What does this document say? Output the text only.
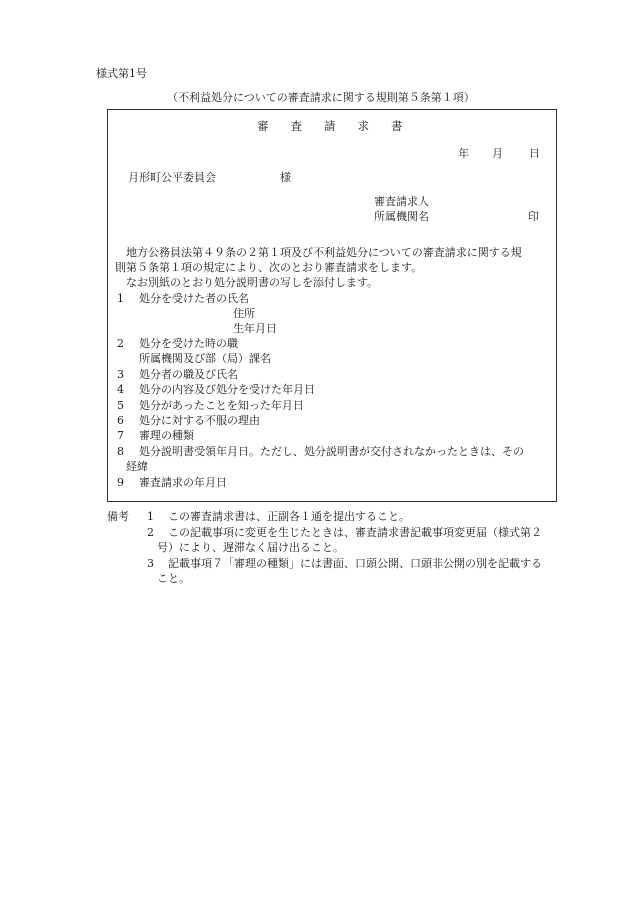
様式第1号
（不利益処分についての審査請求に関する規則第５条第１項）
審 査 請 求 書
年 月 日
月形町公平委員会	様
審査請求人
所属機関名	印
　地方公務員法第４９条の２第１項及び不利益処分についての審査請求に関する規
則第５条第１項の規定により、次のとおり審査請求をします。
　なお別紙のとおり処分説明書の写しを添付します。
1 処分を受けた者の氏名
住所
生年月日
2 処分を受けた時の職
所属機関及び部（局）課名
3 処分者の職及び氏名
4 処分の内容及び処分を受けた年月日
5 処分があったことを知った年月日
6 処分に対する不服の理由
7 審理の種類
8 処分説明書受領年月日。ただし、処分説明書が交付されなかったときは、その
経緯
9 審査請求の年月日
備考 1 この審査請求書は、正副各１通を提出すること。
2 この記載事項に変更を生じたときは、審査請求書記載事項変更届（様式第２
号）により、遅滞なく届け出ること。
3 記載事項７「審理の種類」には書面、口頭公開、口頭非公開の別を記載する
こと。
